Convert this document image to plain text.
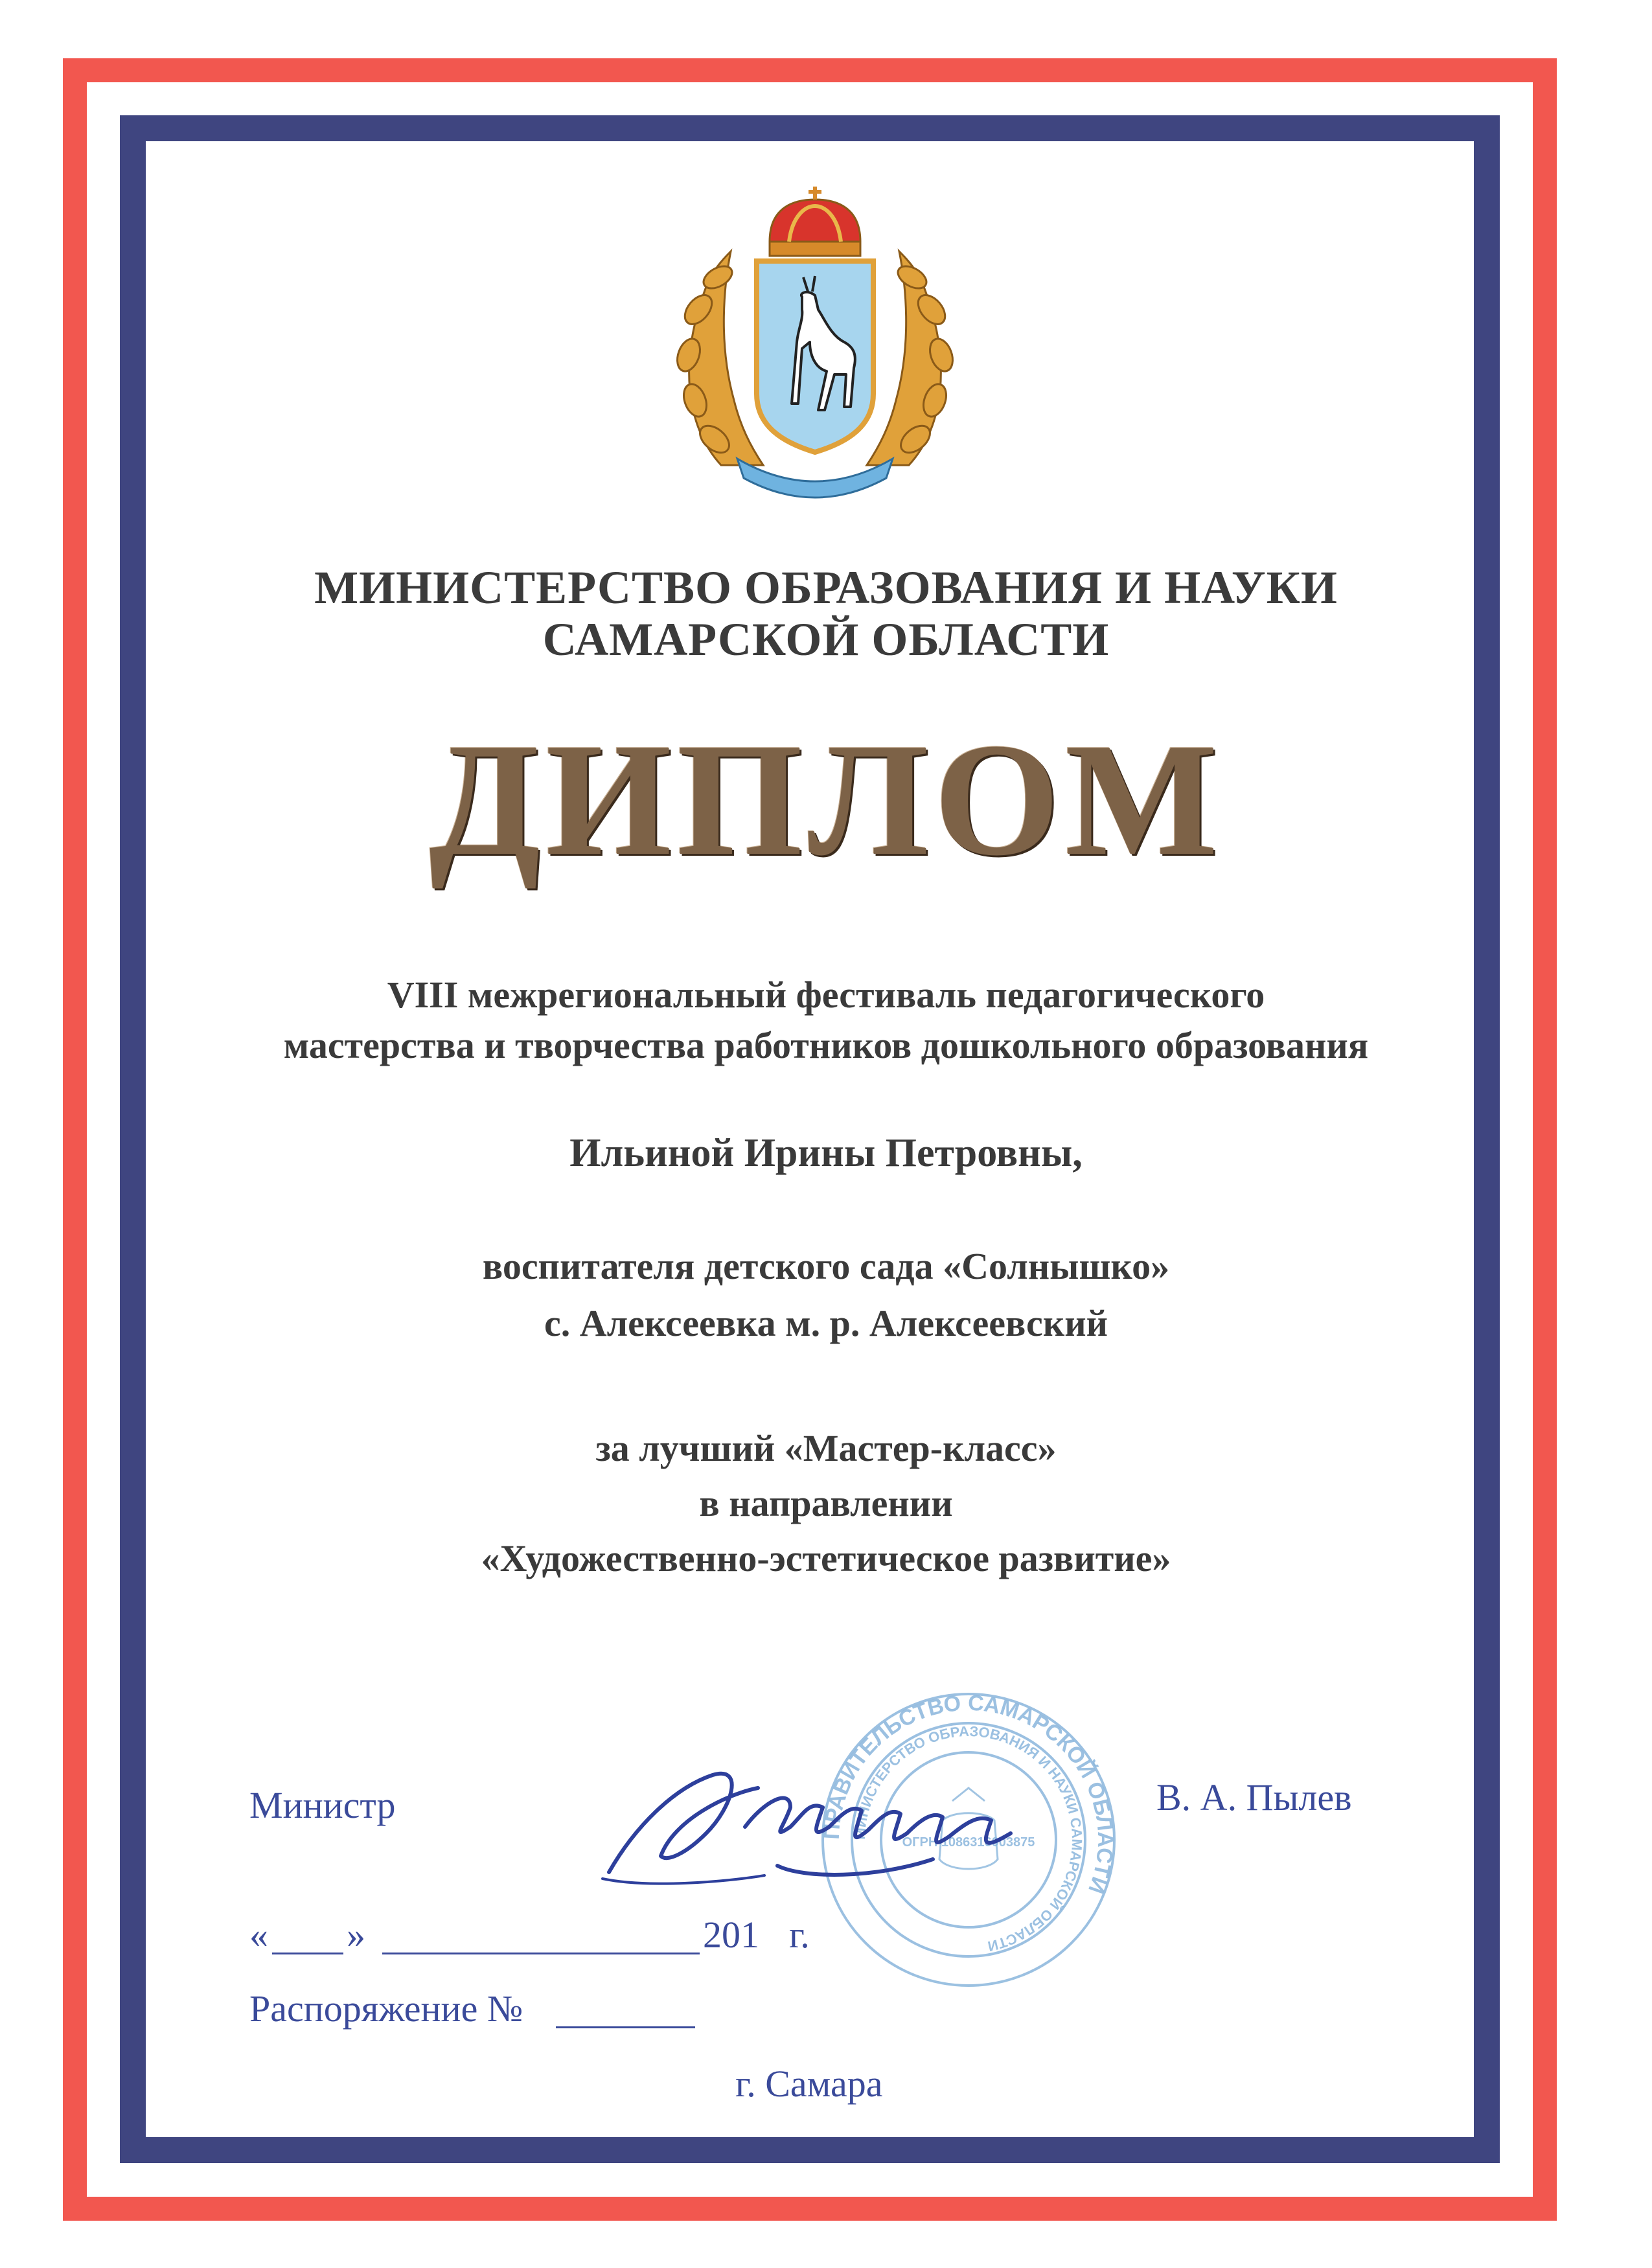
МИНИСТЕРСТВО ОБРАЗОВАНИЯ И НАУКИ

САМАРСКОЙ ОБЛАСТИ

ДИПЛОМ

VIII межрегиональный фестиваль педагогического

мастерства и творчества работников дошкольного образования

Ильиной Ирины Петровны,

воспитателя детского сада «Солнышко»

с. Алексеевка м. р. Алексеевский

за лучший «Мастер-класс»

в направлении

«Художественно-эстетическое развитие»

ПРАВИТЕЛЬСТВО САМАРСКОЙ ОБЛАСТИ
МИНИСТЕРСТВО ОБРАЗОВАНИЯ И НАУКИ САМАРСКОЙ ОБЛАСТИ
ОГРН 1086316003875
Министр	В. А. Пылев
« »	201 г.
Распоряжение №
г. Самара
